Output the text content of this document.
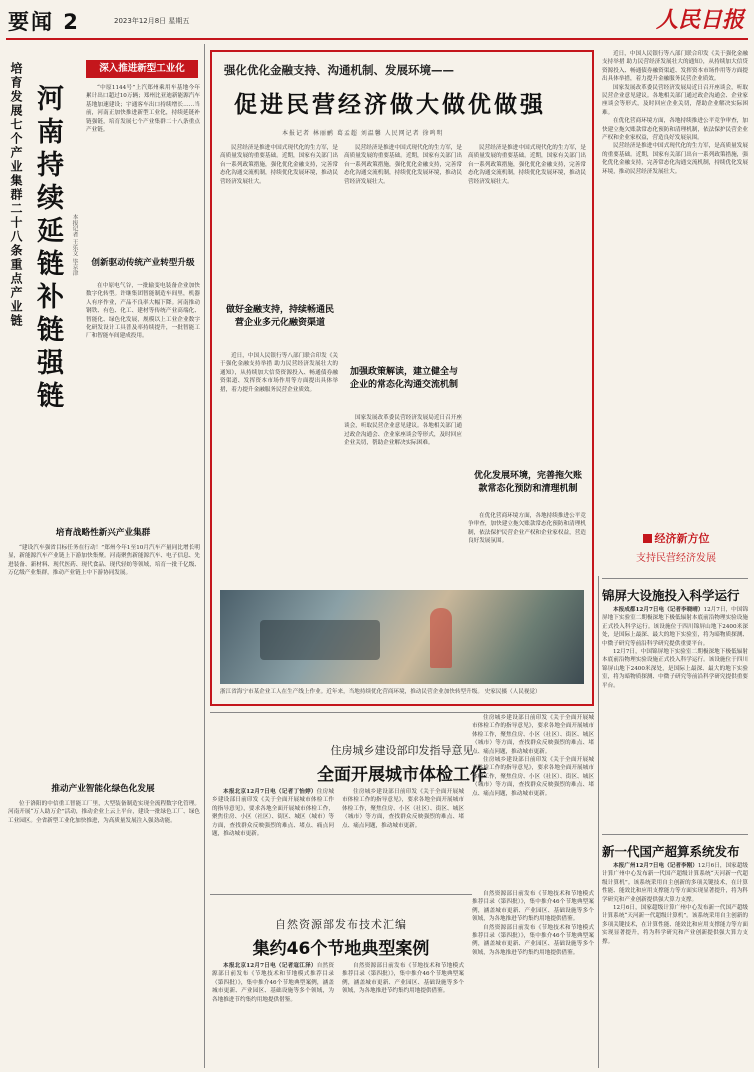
要闻 2	2023年12月8日 星期五	人民日报
河南持续延链补链强链
培育发展七个产业集群二十八条重点产业链	本报记者 王乐文 毕京津
深入推进新型工业化

“中原1144号”上汽郑州乘用车基地今年累计出口超过10万辆；郑州比亚迪新能源汽车基地加速建设；宇通客车出口持续增长……当前，河南正加快推进新型工业化，持续延链补链强链，培育发展七个产业集群二十八条重点产业链。

创新驱动传统产业转型升级

在中原电气谷，一批输变电装备企业加快数字化转型。许继集团智能制造车间里，机器人有序作业，产品不良率大幅下降。河南推动钢铁、有色、化工、建材等传统产业高端化、智能化、绿色化发展，规模以上工业企业数字化研发设计工具普及率持续提升，一批智能工厂和智能车间建成投用。

培育战略性新兴产业集群

“建设汽车强省目标任务在行动！”郑州今年1至10月汽车产量同比增长明显，新能源汽车产业链上下游加快集聚。河南聚焦新能源汽车、电子信息、先进装备、新材料、现代医药、现代食品、现代轻纺等领域，培育一批千亿级、万亿级产业集群，推动产业链上中下游协同发展。

推动产业智能化绿色化发展

位于洛阳的中信重工智能工厂里，大型装备制造实现全流程数字化管理。河南开展“万人助万企”活动，推动企业上云上平台，建设一批绿色工厂、绿色工业园区。全省新型工业化加快推进，为高质量发展注入强劲动能。

强化优化金融支持、沟通机制、发展环境——
促进民营经济做大做优做强
本报记者 林丽鹂 葛孟超 刘温馨 人民网记者 徐鸣明

民营经济是推进中国式现代化的生力军，是高质量发展的重要基础。近期，国家有关部门出台一系列政策措施，强化优化金融支持，完善常态化沟通交流机制，持续优化发展环境，推动民营经济发展壮大。

做好金融支持，持续畅通民营企业多元化融资渠道

近日，中国人民银行等八部门联合印发《关于强化金融支持举措 助力民营经济发展壮大的通知》，从持续加大信贷资源投入、畅通债券融资渠道、发挥资本市场作用等方面提出具体举措，着力提升金融服务民营企业质效。

民营经济是推进中国式现代化的生力军，是高质量发展的重要基础。近期，国家有关部门出台一系列政策措施，强化优化金融支持，完善常态化沟通交流机制，持续优化发展环境，推动民营经济发展壮大。

加强政策解读，建立健全与企业的常态化沟通交流机制

国家发展改革委民营经济发展局近日召开座谈会，听取民营企业意见建议。各地相关部门通过政企沟通会、企业家座谈会等形式，及时回应企业关切，帮助企业解决实际困难。

民营经济是推进中国式现代化的生力军，是高质量发展的重要基础。近期，国家有关部门出台一系列政策措施，强化优化金融支持，完善常态化沟通交流机制，持续优化发展环境，推动民营经济发展壮大。

优化发展环境，完善拖欠账款常态化预防和清理机制

在优化营商环境方面，各地持续推进公平竞争审查，加快建立拖欠账款常态化预防和清理机制，依法保护民营企业产权和企业家权益，营造良好发展氛围。

浙江省海宁市某企业工人在生产线上作业。近年来，当地持续优化营商环境，推动民营企业加快转型升级。 史家民摄（人民视觉）

近日，中国人民银行等八部门联合印发《关于强化金融支持举措 助力民营经济发展壮大的通知》，从持续加大信贷资源投入、畅通债券融资渠道、发挥资本市场作用等方面提出具体举措，着力提升金融服务民营企业质效。

国家发展改革委民营经济发展局近日召开座谈会，听取民营企业意见建议。各地相关部门通过政企沟通会、企业家座谈会等形式，及时回应企业关切，帮助企业解决实际困难。

在优化营商环境方面，各地持续推进公平竞争审查，加快建立拖欠账款常态化预防和清理机制，依法保护民营企业产权和企业家权益，营造良好发展氛围。

民营经济是推进中国式现代化的生力军，是高质量发展的重要基础。近期，国家有关部门出台一系列政策措施，强化优化金融支持，完善常态化沟通交流机制，持续优化发展环境，推动民营经济发展壮大。

经济新方位
支持民营经济发展
住房城乡建设部印发指导意见
全面开展城市体检工作

本报北京12月7日电（记者丁怡婷）住房城乡建设部日前印发《关于全面开展城市体检工作的指导意见》，要求各地全面开展城市体检工作，聚焦住房、小区（社区）、街区、城区（城市）等方面，查找群众反映强烈的难点、堵点、痛点问题，推动城市更新。

住房城乡建设部日前印发《关于全面开展城市体检工作的指导意见》，要求各地全面开展城市体检工作，聚焦住房、小区（社区）、街区、城区（城市）等方面，查找群众反映强烈的难点、堵点、痛点问题，推动城市更新。

住房城乡建设部日前印发《关于全面开展城市体检工作的指导意见》，要求各地全面开展城市体检工作，聚焦住房、小区（社区）、街区、城区（城市）等方面，查找群众反映强烈的难点、堵点、痛点问题，推动城市更新。

住房城乡建设部日前印发《关于全面开展城市体检工作的指导意见》，要求各地全面开展城市体检工作，聚焦住房、小区（社区）、街区、城区（城市）等方面，查找群众反映强烈的难点、堵点、痛点问题，推动城市更新。

自然资源部发布技术汇编
集约46个节地典型案例

本报北京12月7日电（记者寇江泽）自然资源部日前发布《节地技术和节地模式推荐目录（第四批）》，集中推介46个节地典型案例，涵盖城市更新、产业园区、基础设施等多个领域，为各地推进节约集约用地提供借鉴。

自然资源部日前发布《节地技术和节地模式推荐目录（第四批）》，集中推介46个节地典型案例，涵盖城市更新、产业园区、基础设施等多个领域，为各地推进节约集约用地提供借鉴。

自然资源部日前发布《节地技术和节地模式推荐目录（第四批）》，集中推介46个节地典型案例，涵盖城市更新、产业园区、基础设施等多个领域，为各地推进节约集约用地提供借鉴。

自然资源部日前发布《节地技术和节地模式推荐目录（第四批）》，集中推介46个节地典型案例，涵盖城市更新、产业园区、基础设施等多个领域，为各地推进节约集约用地提供借鉴。

锦屏大设施投入科学运行

本报成都12月7日电（记者李晓晴）12月7日，中国锦屏地下实验室二期极深地下极低辐射本底前沿物理实验设施正式投入科学运行。该设施位于四川锦屏山地下2400米深处，是国际上最深、最大的地下实验室，将为暗物质探测、中微子研究等前沿科学研究提供重要平台。

12月7日，中国锦屏地下实验室二期极深地下极低辐射本底前沿物理实验设施正式投入科学运行。该设施位于四川锦屏山地下2400米深处，是国际上最深、最大的地下实验室，将为暗物质探测、中微子研究等前沿科学研究提供重要平台。

新一代国产超算系统发布

本报广州12月7日电（记者李刚）12月6日，国家超级计算广州中心发布新一代国产超级计算系统“天河新一代超级计算机”。该系统采用自主创新的多项关键技术，在计算性能、能效比和应用支撑能力等方面实现显著提升，将为科学研究和产业创新提供强大算力支撑。

12月6日，国家超级计算广州中心发布新一代国产超级计算系统“天河新一代超级计算机”。该系统采用自主创新的多项关键技术，在计算性能、能效比和应用支撑能力等方面实现显著提升，将为科学研究和产业创新提供强大算力支撑。
